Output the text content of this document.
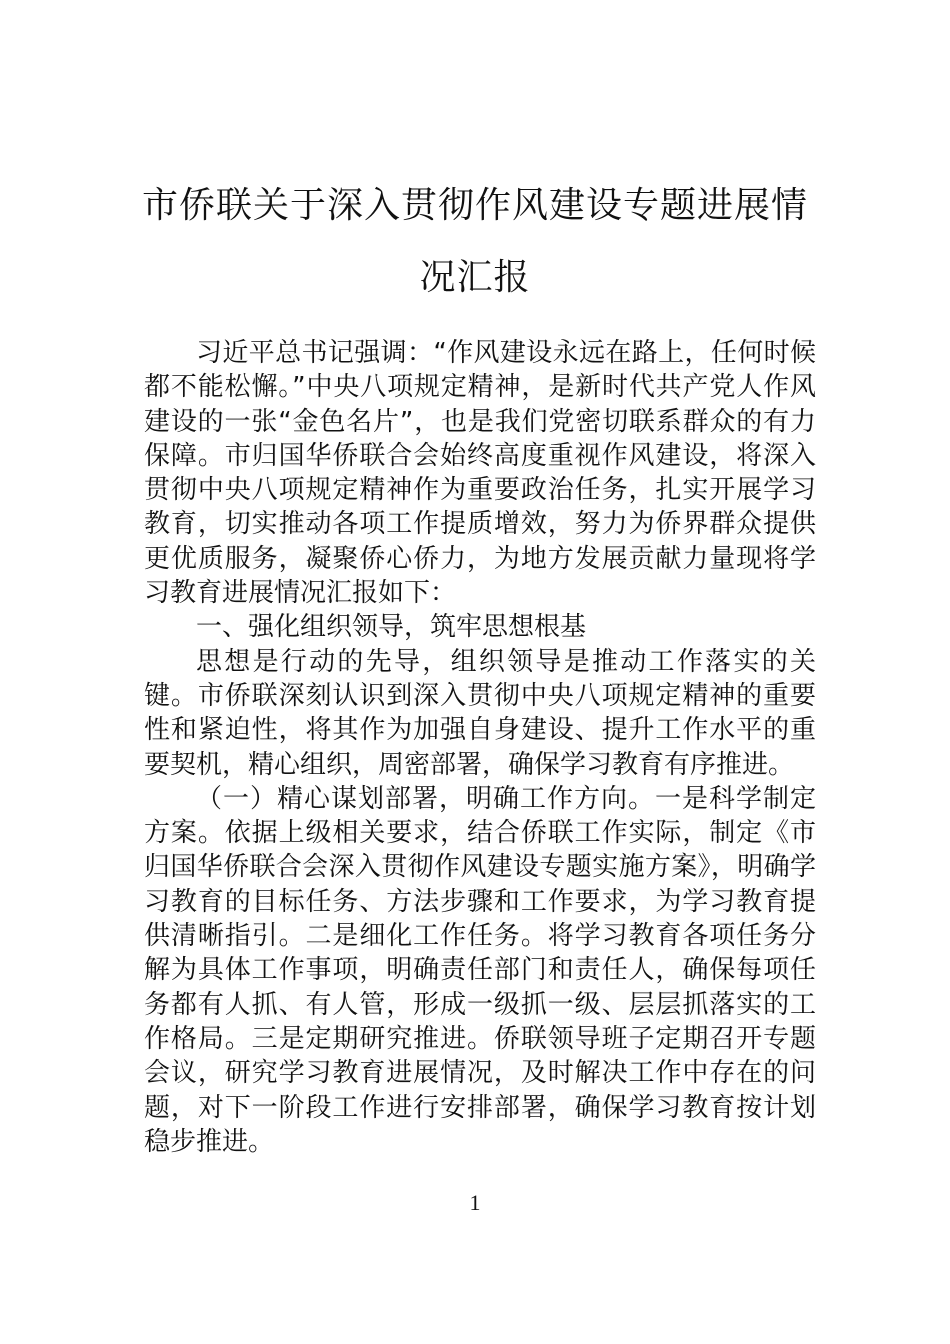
市侨联关于深入贯彻作风建设专题进展情
况汇报

习近平总书记强调：“作风建设永远在路上，任何时候都不能松懈。”中央八项规定精神，是新时代共产党人作风建设的一张“金色名片”，也是我们党密切联系群众的有力保障。市归国华侨联合会始终高度重视作风建设，将深入贯彻中央八项规定精神作为重要政治任务，扎实开展学习教育，切实推动各项工作提质增效，努力为侨界群众提供更优质服务，凝聚侨心侨力，为地方发展贡献力量现将学习教育进展情况汇报如下：

一、强化组织领导，筑牢思想根基

思想是行动的先导，组织领导是推动工作落实的关键。市侨联深刻认识到深入贯彻中央八项规定精神的重要性和紧迫性，将其作为加强自身建设、提升工作水平的重要契机，精心组织，周密部署，确保学习教育有序推进。

（一）精心谋划部署，明确工作方向。一是科学制定方案。依据上级相关要求，结合侨联工作实际，制定《市归国华侨联合会深入贯彻作风建设专题实施方案》，明确学习教育的目标任务、方法步骤和工作要求，为学习教育提供清晰指引。二是细化工作任务。将学习教育各项任务分解为具体工作事项，明确责任部门和责任人，确保每项任务都有人抓、有人管，形成一级抓一级、层层抓落实的工作格局。三是定期研究推进。侨联领导班子定期召开专题会议，研究学习教育进展情况，及时解决工作中存在的问题，对下一阶段工作进行安排部署，确保学习教育按计划稳步推进。

1
